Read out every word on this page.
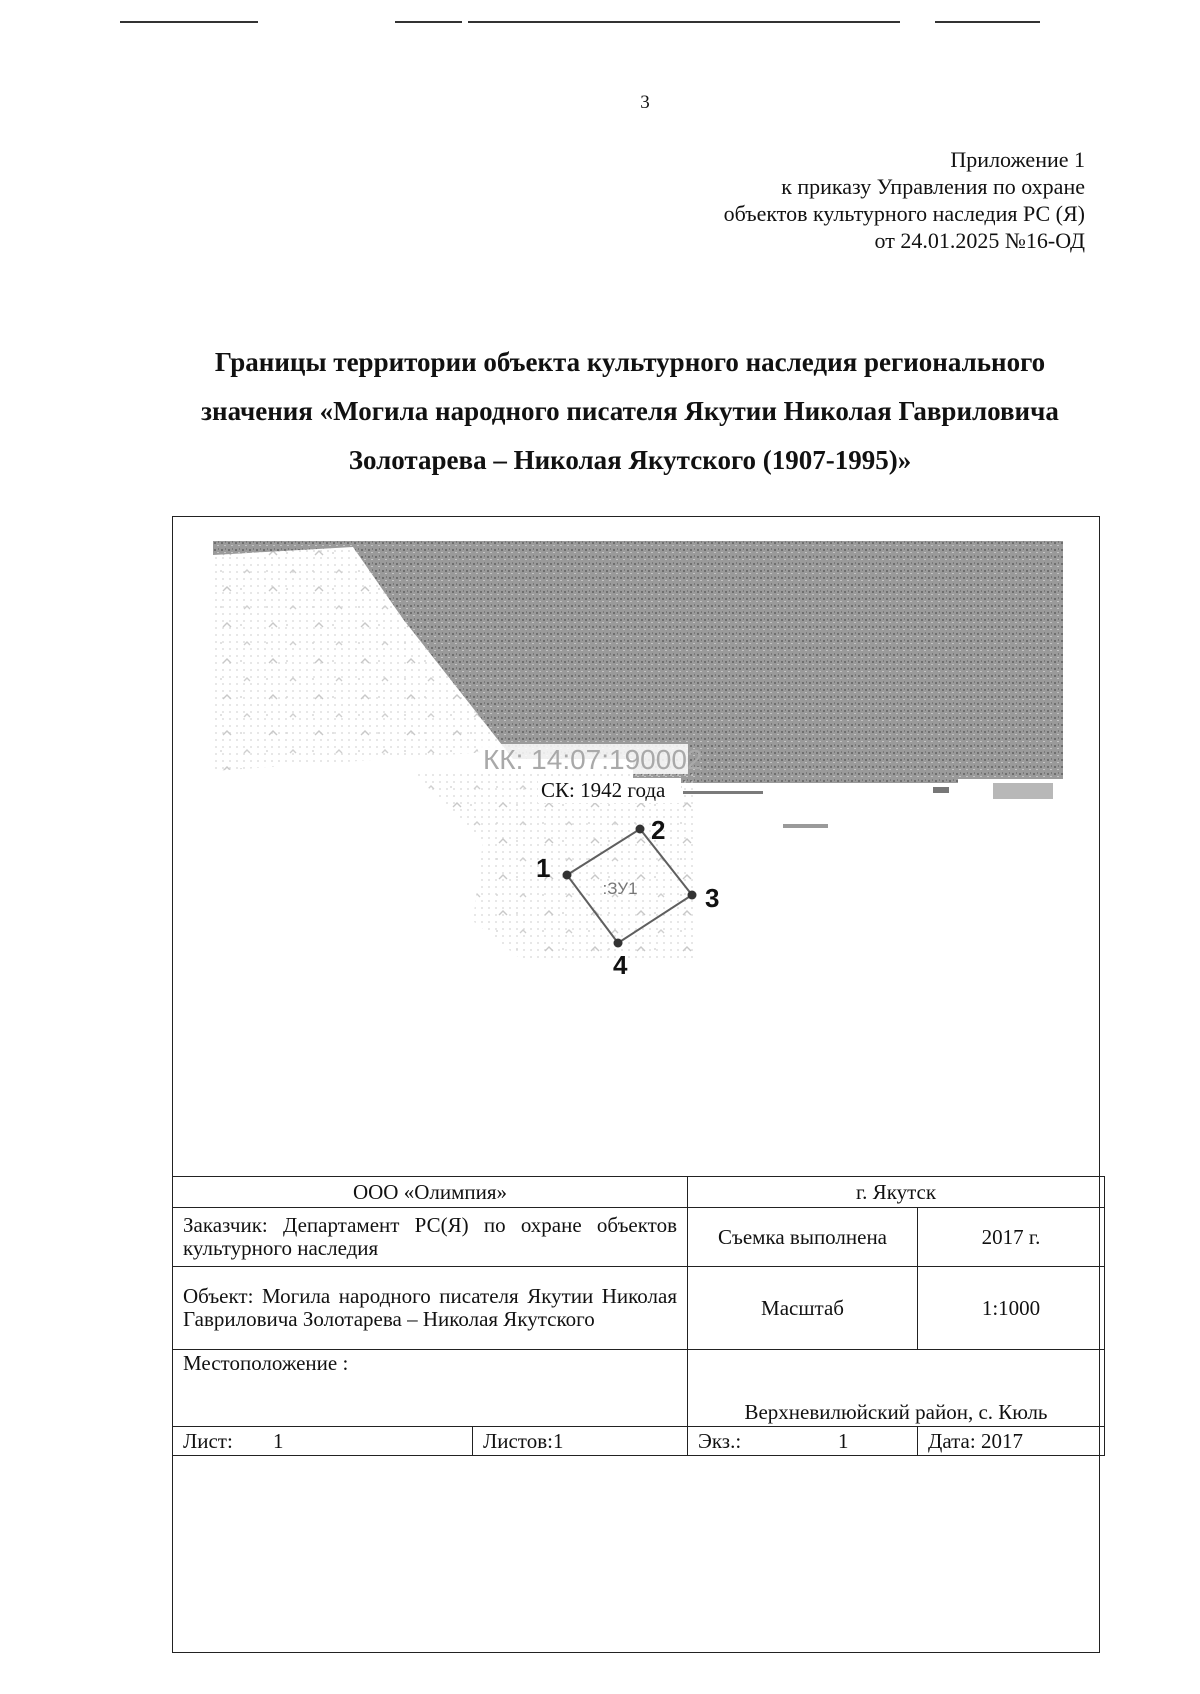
3
Приложение 1
к приказу Управления по охране
объектов культурного наследия РС (Я)
от 24.01.2025 №16-ОД
Границы территории объекта культурного наследия регионального
значения «Могила народного писателя Якутии Николая Гавриловича
Золотарева – Николая Якутского (1907-1995)»
КК: 14:07:190002
СК: 1942 года
:ЗУ1
1
2
3
4
ООО «Олимпия»		г. Якутск	
Заказчик: Департамент РС(Я) по охране объектов культурного наследия		Съемка выполнена	2017 г.
Объект: Могила народного писателя Якутии Николая Гавриловича Золотарева – Николая Якутского		Масштаб	1:1000
Местоположение :		Верхневилюйский район, с. Кюль	

Лист: 1	Листов:1	Экз.: 1	Дата: 2017
